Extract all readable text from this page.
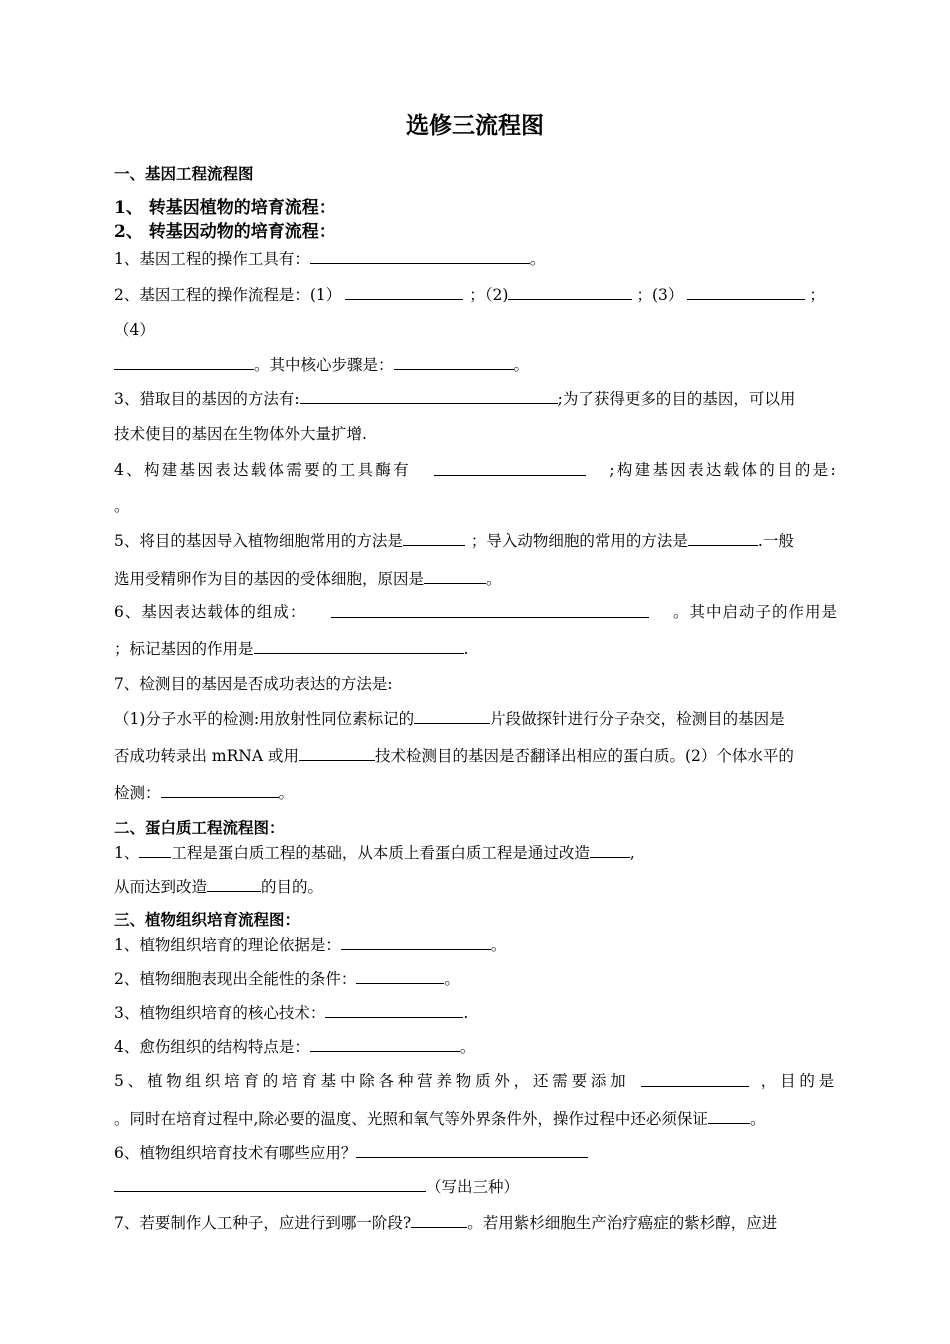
选修三流程图
一、基因工程流程图
1、 转基因植物的培育流程：
2、 转基因动物的培育流程：
1、基因工程的操作工具有：	。
2、基因工程的操作流程是：(1）	；（2)	；(3）	；
（4）
。其中核心步骤是：	。
3、猎取目的基因的方法有:	;为了获得更多的目的基因，可以用
技术使目的基因在生物体外大量扩增.
4、构建基因表达载体需要的工具酶有	;构建基因表达载体的目的是:
。
5、将目的基因导入植物细胞常用的方法是	；导入动物细胞的常用的方法是	.一般
选用受精卵作为目的基因的受体细胞，原因是	。
6、基因表达载体的组成：	。其中启动子的作用是
；标记基因的作用是	.
7、检测目的基因是否成功表达的方法是:
（1)分子水平的检测:用放射性同位素标记的	片段做探针进行分子杂交，检测目的基因是
否成功转录出 mRNA 或用	技术检测目的基因是否翻译出相应的蛋白质。(2）个体水平的
检测：	。
二、蛋白质工程流程图：
1、 工程是蛋白质工程的基础，从本质上看蛋白质工程是通过改造	,
从而达到改造	的目的。
三、植物组织培育流程图：
1、植物组织培育的理论依据是：	。
2、植物细胞表现出全能性的条件：	。
3、植物组织培育的核心技术：	.
4、愈伤组织的结构特点是：	。
5、植物组织培育的培育基中除各种营养物质外，还需要添加	，目的是
。同时在培育过程中,除必要的温度、光照和氧气等外界条件外，操作过程中还必须保证	。
6、植物组织培育技术有哪些应用？
（写出三种）
7、若要制作人工种子，应进行到哪一阶段?	。若用紫杉细胞生产治疗癌症的紫杉醇，应进
